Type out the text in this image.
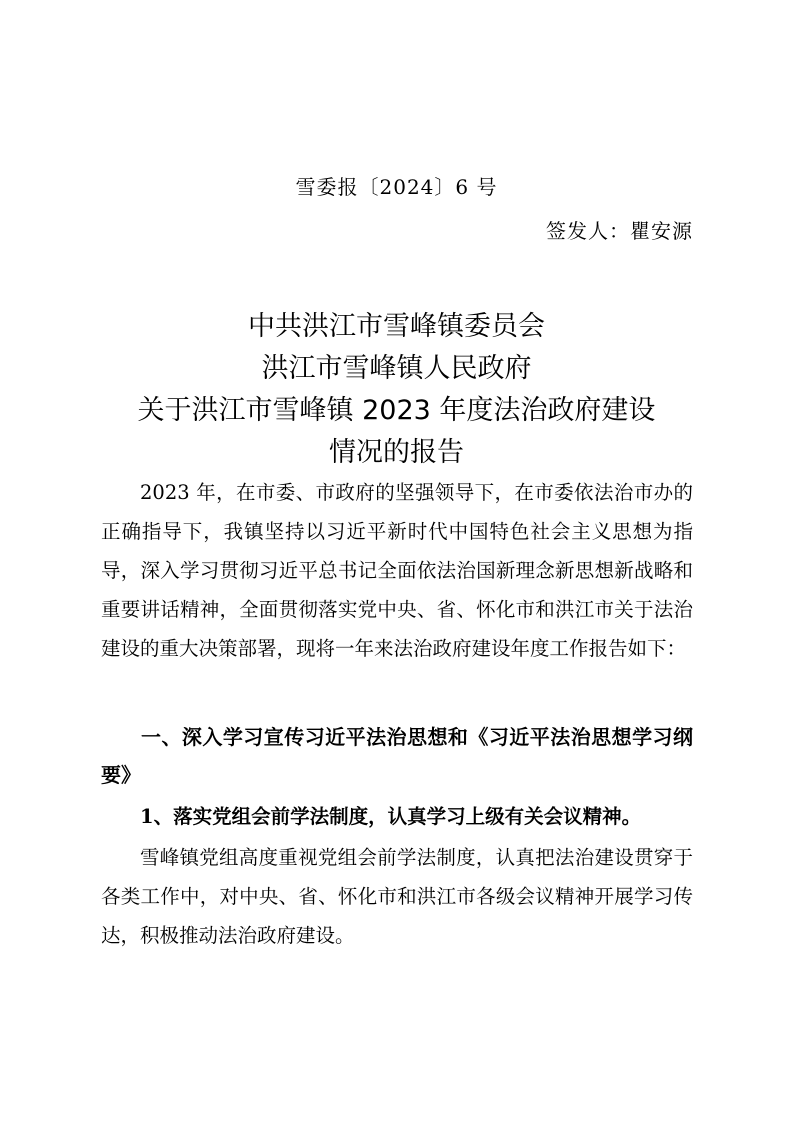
雪委报〔2024〕6 号
签发人：瞿安源
中共洪江市雪峰镇委员会
洪江市雪峰镇人民政府
关于洪江市雪峰镇 2023 年度法治政府建设
情况的报告
2023 年，在市委、市政府的坚强领导下，在市委依法治市办的正确指导下，我镇坚持以习近平新时代中国特色社会主义思想为指导，深入学习贯彻习近平总书记全面依法治国新理念新思想新战略和重要讲话精神，全面贯彻落实党中央、省、怀化市和洪江市关于法治建设的重大决策部署，现将一年来法治政府建设年度工作报告如下：
一、深入学习宣传习近平法治思想和《习近平法治思想学习纲要》
1、落实党组会前学法制度，认真学习上级有关会议精神。
雪峰镇党组高度重视党组会前学法制度，认真把法治建设贯穿于各类工作中，对中央、省、怀化市和洪江市各级会议精神开展学习传达，积极推动法治政府建设。
